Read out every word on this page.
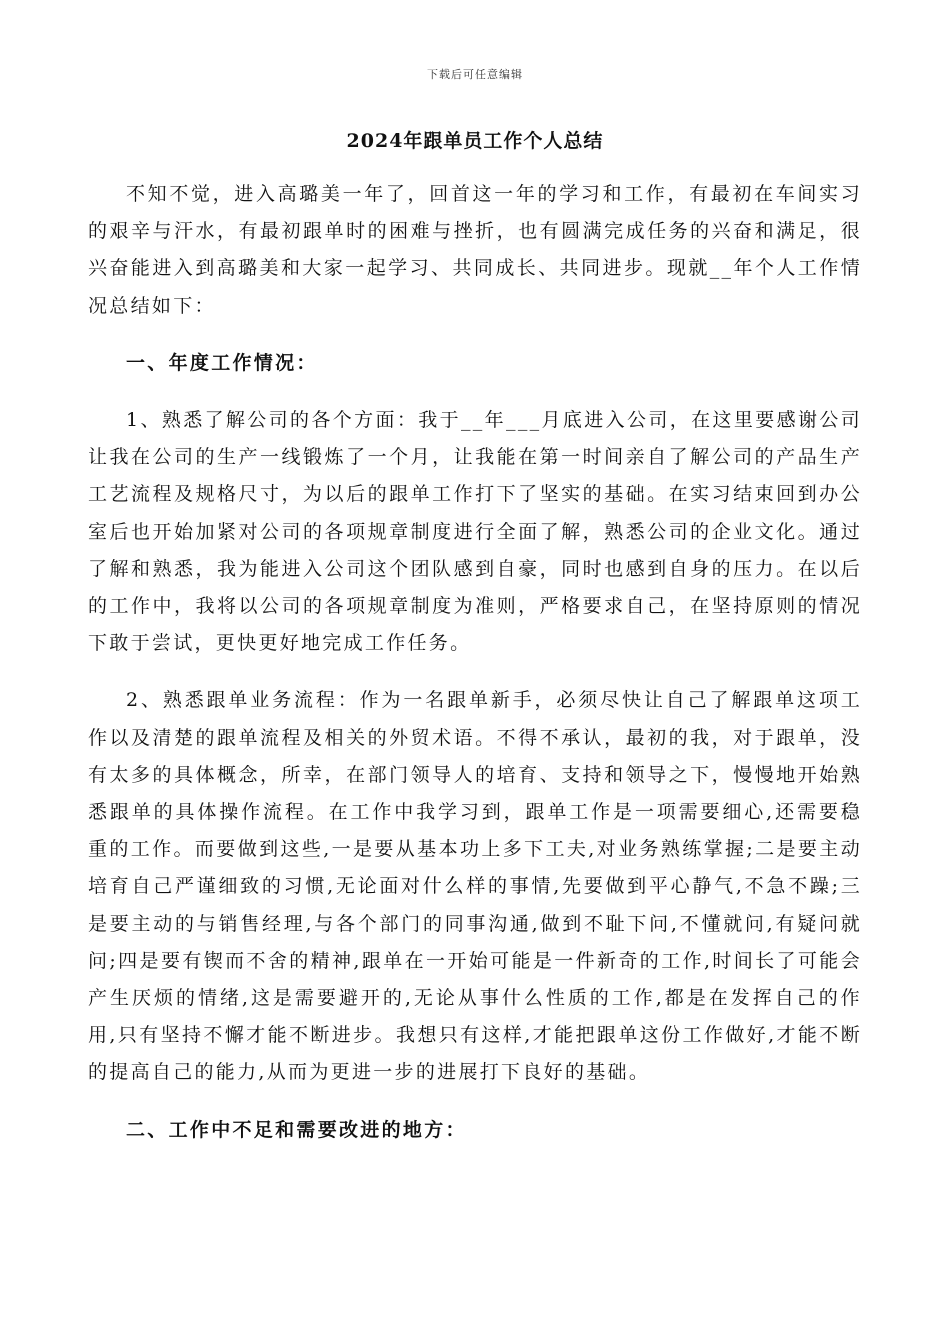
下载后可任意编辑
2024年跟单员工作个人总结

不知不觉，进入高璐美一年了，回首这一年的学习和工作，有最初在车间实习的艰辛与汗水，有最初跟单时的困难与挫折，也有圆满完成任务的兴奋和满足，很兴奋能进入到高璐美和大家一起学习、共同成长、共同进步。现就__年个人工作情况总结如下：

一、年度工作情况：

1、熟悉了解公司的各个方面：我于__年___月底进入公司，在这里要感谢公司让我在公司的生产一线锻炼了一个月，让我能在第一时间亲自了解公司的产品生产工艺流程及规格尺寸，为以后的跟单工作打下了坚实的基础。在实习结束回到办公室后也开始加紧对公司的各项规章制度进行全面了解，熟悉公司的企业文化。通过了解和熟悉，我为能进入公司这个团队感到自豪，同时也感到自身的压力。在以后的工作中，我将以公司的各项规章制度为准则，严格要求自己，在坚持原则的情况下敢于尝试，更快更好地完成工作任务。

2、熟悉跟单业务流程：作为一名跟单新手，必须尽快让自己了解跟单这项工作以及清楚的跟单流程及相关的外贸术语。不得不承认，最初的我，对于跟单，没有太多的具体概念，所幸，在部门领导人的培育、支持和领导之下，慢慢地开始熟悉跟单的具体操作流程。在工作中我学习到，跟单工作是一项需要细心,还需要稳重的工作。而要做到这些,一是要从基本功上多下工夫,对业务熟练掌握;二是要主动培育自己严谨细致的习惯,无论面对什么样的事情,先要做到平心静气,不急不躁;三是要主动的与销售经理,与各个部门的同事沟通,做到不耻下问,不懂就问,有疑问就问;四是要有锲而不舍的精神,跟单在一开始可能是一件新奇的工作,时间长了可能会产生厌烦的情绪,这是需要避开的,无论从事什么性质的工作,都是在发挥自己的作用,只有坚持不懈才能不断进步。我想只有这样,才能把跟单这份工作做好,才能不断的提高自己的能力,从而为更进一步的进展打下良好的基础。

二、工作中不足和需要改进的地方：
